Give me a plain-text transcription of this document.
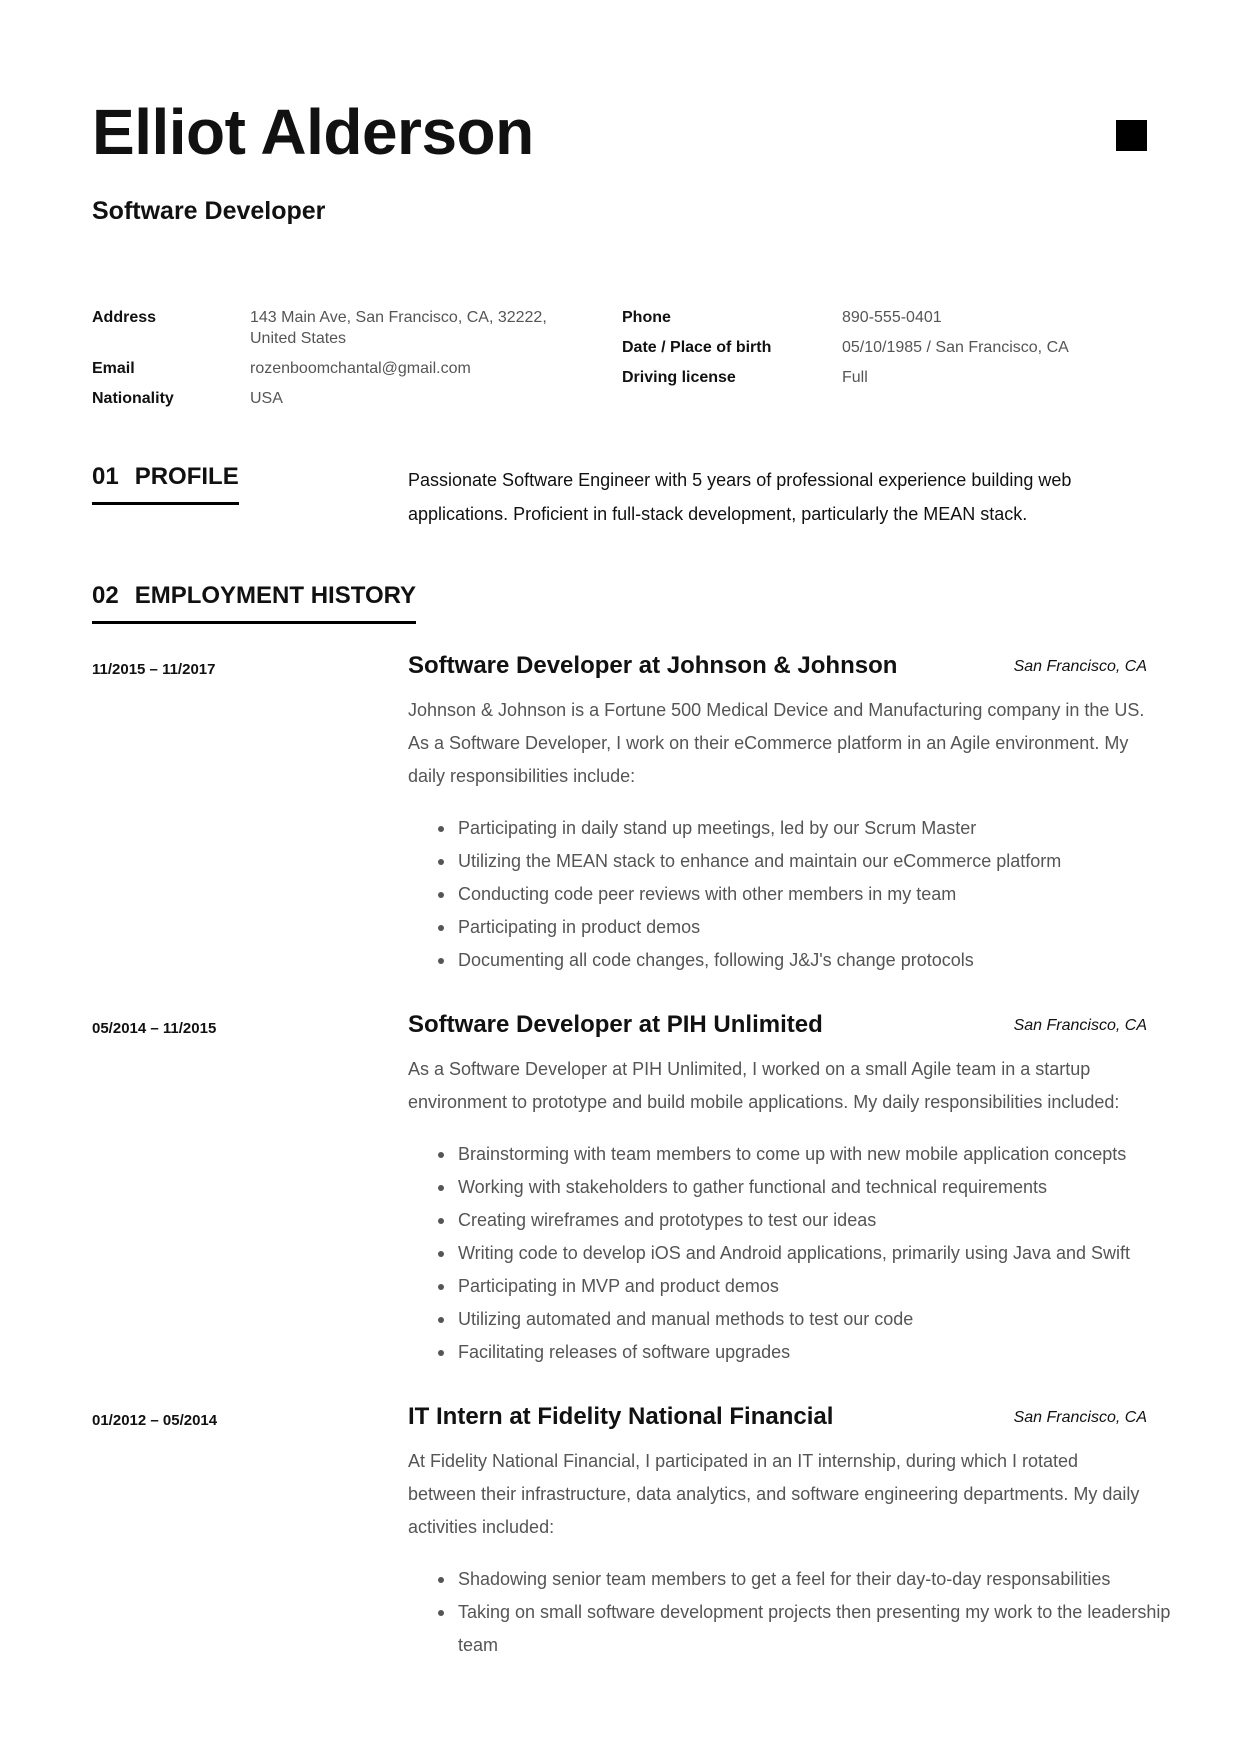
Elliot Alderson
Software Developer
Address	143 Main Ave, San Francisco, CA, 32222,
United States
Email	rozenboomchantal@gmail.com
Nationality	USA
Phone	890-555-0401
Date / Place of birth	05/10/1985 / San Francisco, CA
Driving license	Full
01 PROFILE	Passionate Software Engineer with 5 years of professional experience building web applications. Proficient in full-stack development, particularly the MEAN stack.

02 EMPLOYMENT HISTORY
11/2015 – 11/2017	Software Developer at Johnson & Johnson	San Francisco, CA

Johnson & Johnson is a Fortune 500 Medical Device and Manufacturing company in the US. As a Software Developer, I work on their eCommerce platform in an Agile environment. My daily responsibilities include:

Participating in daily stand up meetings, led by our Scrum Master
Utilizing the MEAN stack to enhance and maintain our eCommerce platform
Conducting code peer reviews with other members in my team
Participating in product demos
Documenting all code changes, following J&J's change protocols
05/2014 – 11/2015	Software Developer at PIH Unlimited	San Francisco, CA

As a Software Developer at PIH Unlimited, I worked on a small Agile team in a startup environment to prototype and build mobile applications. My daily responsibilities included:

Brainstorming with team members to come up with new mobile application concepts
Working with stakeholders to gather functional and technical requirements
Creating wireframes and prototypes to test our ideas
Writing code to develop iOS and Android applications, primarily using Java and Swift
Participating in MVP and product demos
Utilizing automated and manual methods to test our code
Facilitating releases of software upgrades
01/2012 – 05/2014	IT Intern at Fidelity National Financial	San Francisco, CA

At Fidelity National Financial, I participated in an IT internship, during which I rotated between their infrastructure, data analytics, and software engineering departments. My daily activities included:

Shadowing senior team members to get a feel for their day-to-day responsabilities
Taking on small software development projects then presenting my work to the leadership team
